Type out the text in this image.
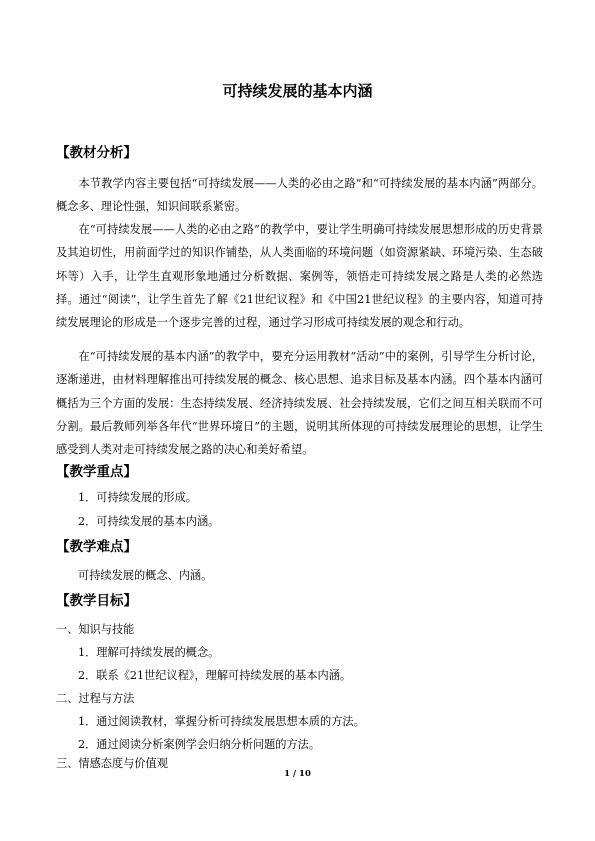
可持续发展的基本内涵
【教材分析】

本节教学内容主要包括“可持续发展——人类的必由之路”和“可持续发展的基本内涵”两部分。概念多、理论性强，知识间联系紧密。

在“可持续发展——人类的必由之路”的教学中，要让学生明确可持续发展思想形成的历史背景及其迫切性，用前面学过的知识作铺垫，从人类面临的环境问题（如资源紧缺、环境污染、生态破坏等）入手，让学生直观形象地通过分析数据、案例等，领悟走可持续发展之路是人类的必然选择。通过“阅读”，让学生首先了解《21世纪议程》和《中国21世纪议程》的主要内容，知道可持续发展理论的形成是一个逐步完善的过程，通过学习形成可持续发展的观念和行动。

在“可持续发展的基本内涵”的教学中，要充分运用教材“活动”中的案例，引导学生分析讨论，逐渐递进，由材料理解推出可持续发展的概念、核心思想、追求目标及基本内涵。四个基本内涵可概括为三个方面的发展：生态持续发展、经济持续发展、社会持续发展，它们之间互相关联而不可分割。最后教师列举各年代“世界环境日”的主题，说明其所体现的可持续发展理论的思想，让学生感受到人类对走可持续发展之路的决心和美好希望。

【教学重点】
1．可持续发展的形成。
2．可持续发展的基本内涵。
【教学难点】
可持续发展的概念、内涵。
【教学目标】
一、知识与技能
1．理解可持续发展的概念。
2．联系《21世纪议程》，理解可持续发展的基本内涵。
二、过程与方法
1．通过阅读教材，掌握分析可持续发展思想本质的方法。
2．通过阅读分析案例学会归纳分析问题的方法。
三、情感态度与价值观
1 / 10
